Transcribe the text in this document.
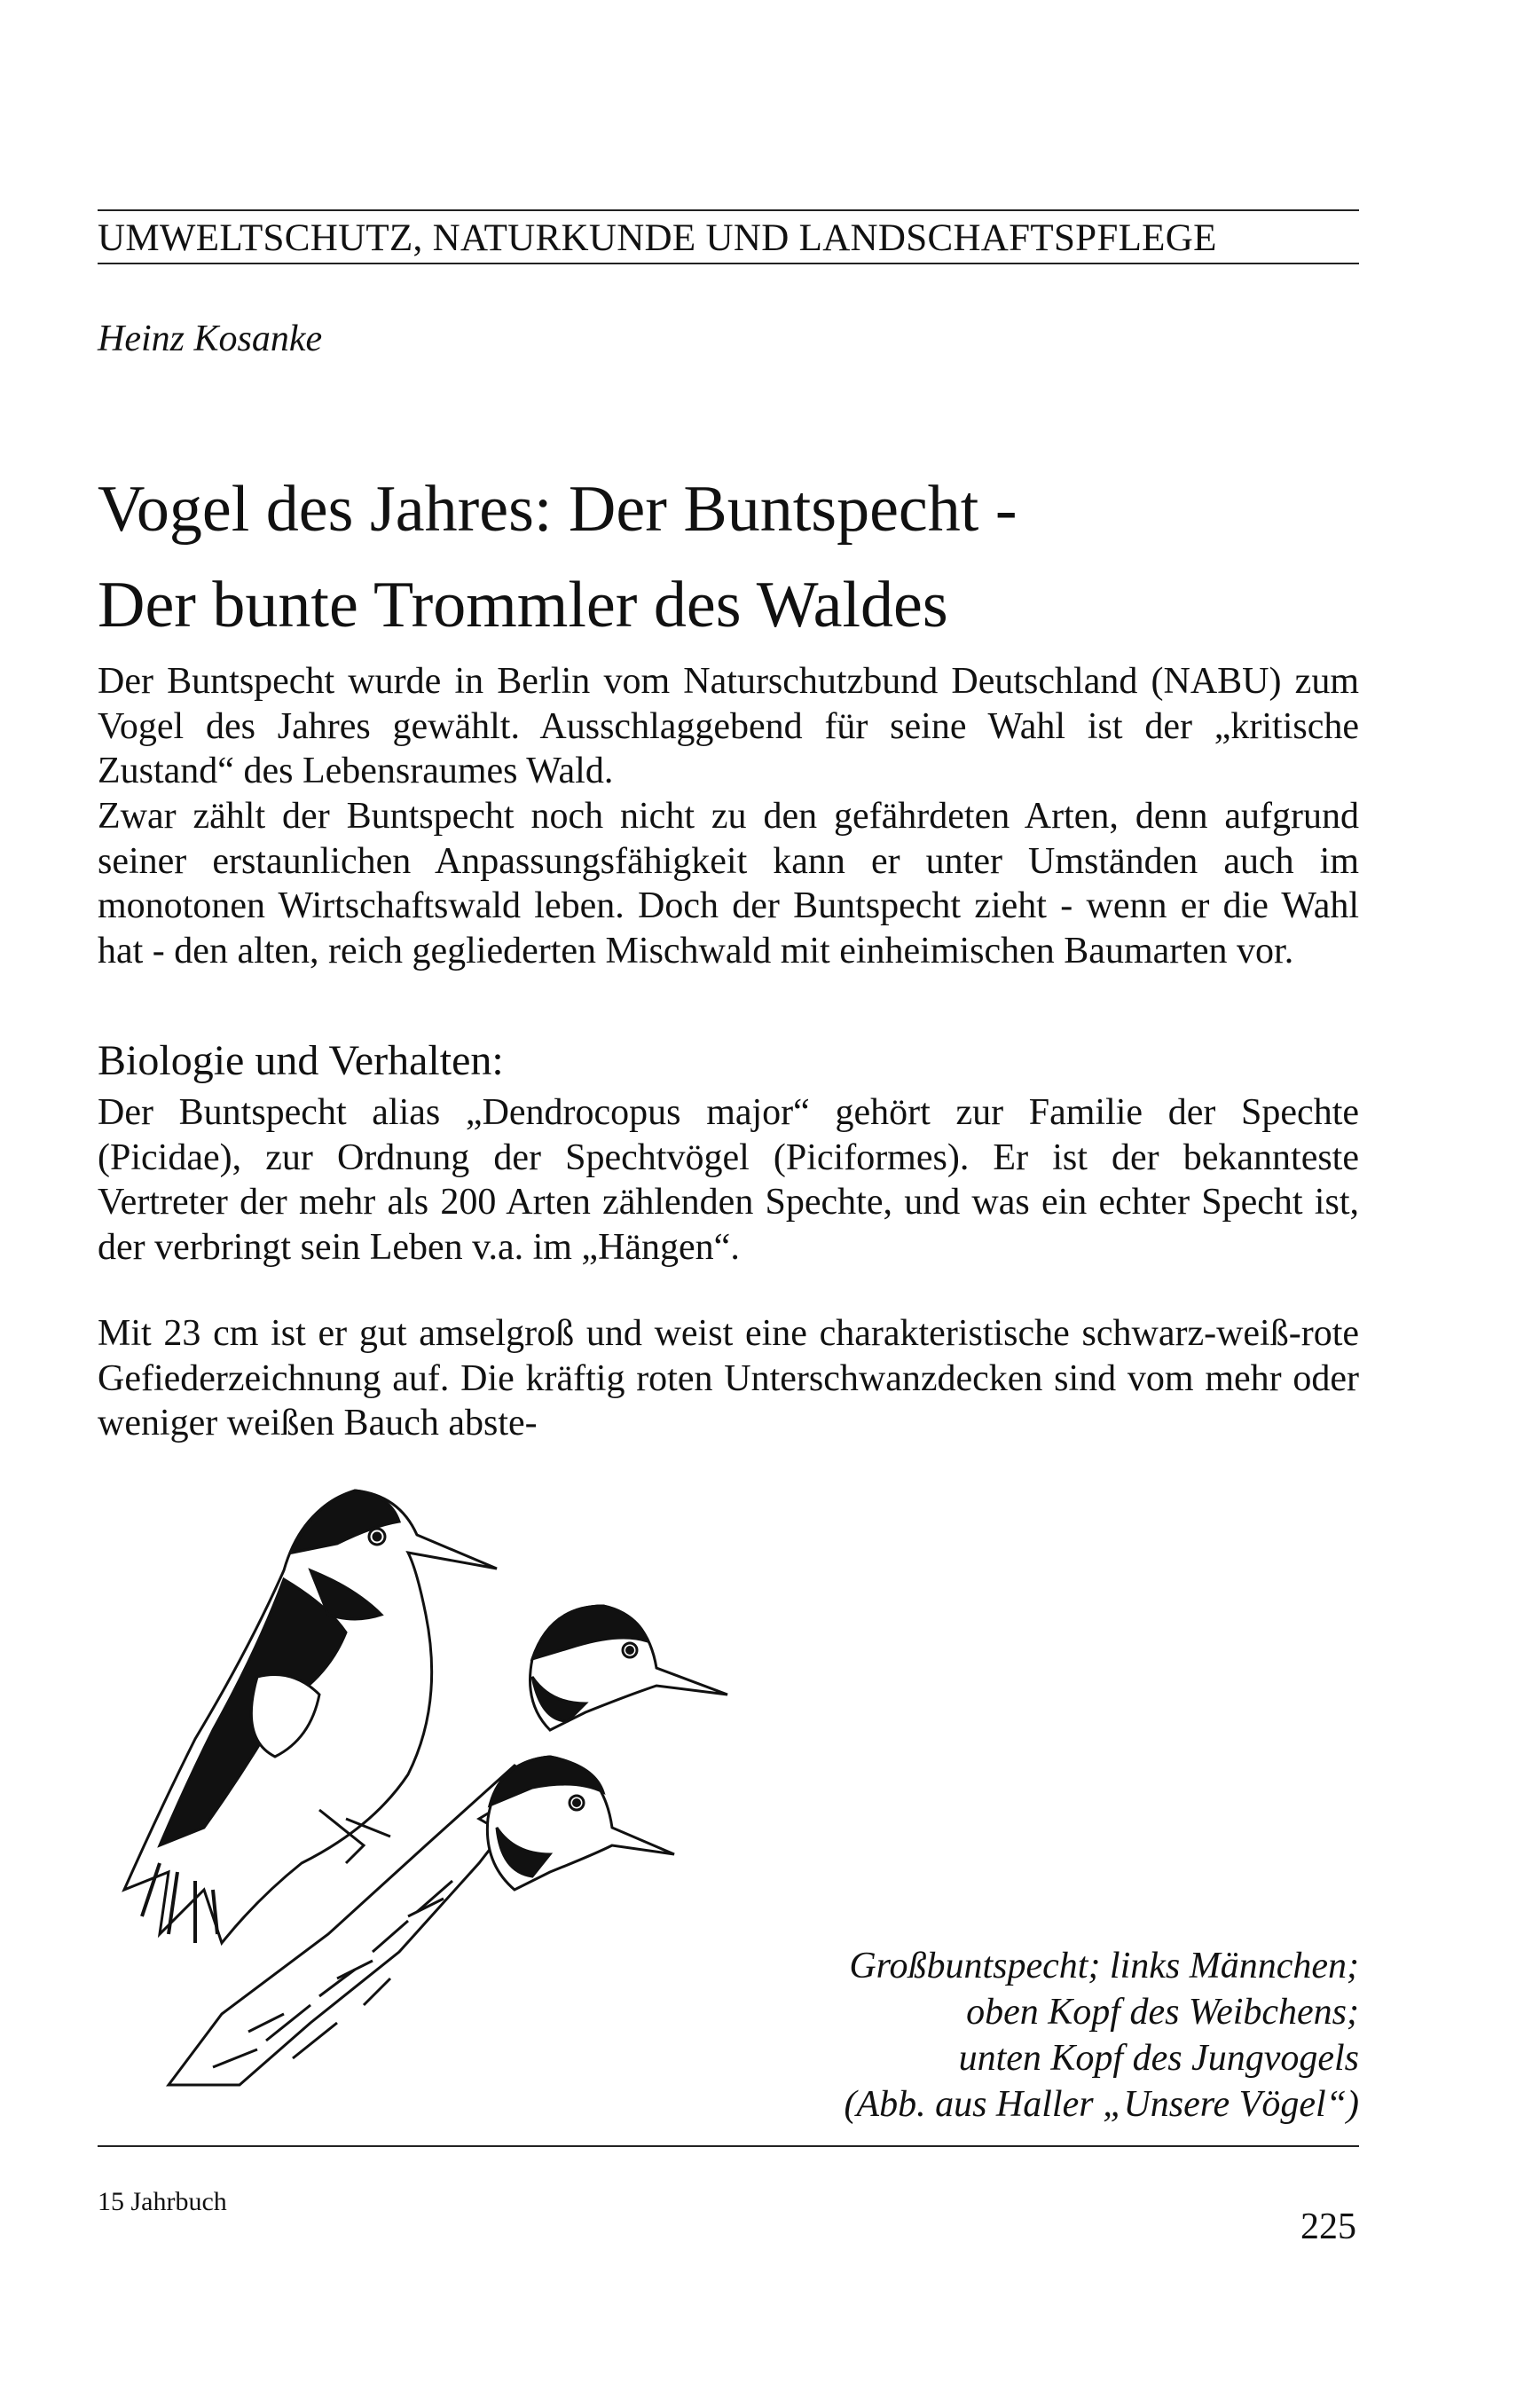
UMWELTSCHUTZ, NATURKUNDE UND LANDSCHAFTSPFLEGE
Heinz Kosanke
Vogel des Jahres: Der Buntspecht -
Der bunte Trommler des Waldes
Der Buntspecht wurde in Berlin vom Naturschutzbund Deutschland (NABU) zum Vogel des Jahres gewählt. Ausschlaggebend für seine Wahl ist der „kritische Zustand“ des Lebensraumes Wald.
Zwar zählt der Buntspecht noch nicht zu den gefährdeten Arten, denn aufgrund seiner erstaunlichen Anpassungsfähigkeit kann er unter Umständen auch im monotonen Wirtschaftswald leben. Doch der Buntspecht zieht - wenn er die Wahl hat - den alten, reich gegliederten Mischwald mit einheimischen Baumarten vor.
Biologie und Verhalten:
Der Buntspecht alias „Dendrocopus major“ gehört zur Familie der Spechte (Picidae), zur Ordnung der Spechtvögel (Piciformes). Er ist der bekannteste Vertreter der mehr als 200 Arten zählenden Spechte, und was ein echter Specht ist, der verbringt sein Leben v.a. im „Hängen“.
Mit 23 cm ist er gut amselgroß und weist eine charakteristische schwarz-weiß-rote Gefiederzeichnung auf. Die kräftig roten Unterschwanzdecken sind vom mehr oder weniger weißen Bauch abste-
Großbuntspecht; links Männchen;
oben Kopf des Weibchens;
unten Kopf des Jungvogels
(Abb. aus Haller „Unsere Vögel“)
15 Jahrbuch
225
